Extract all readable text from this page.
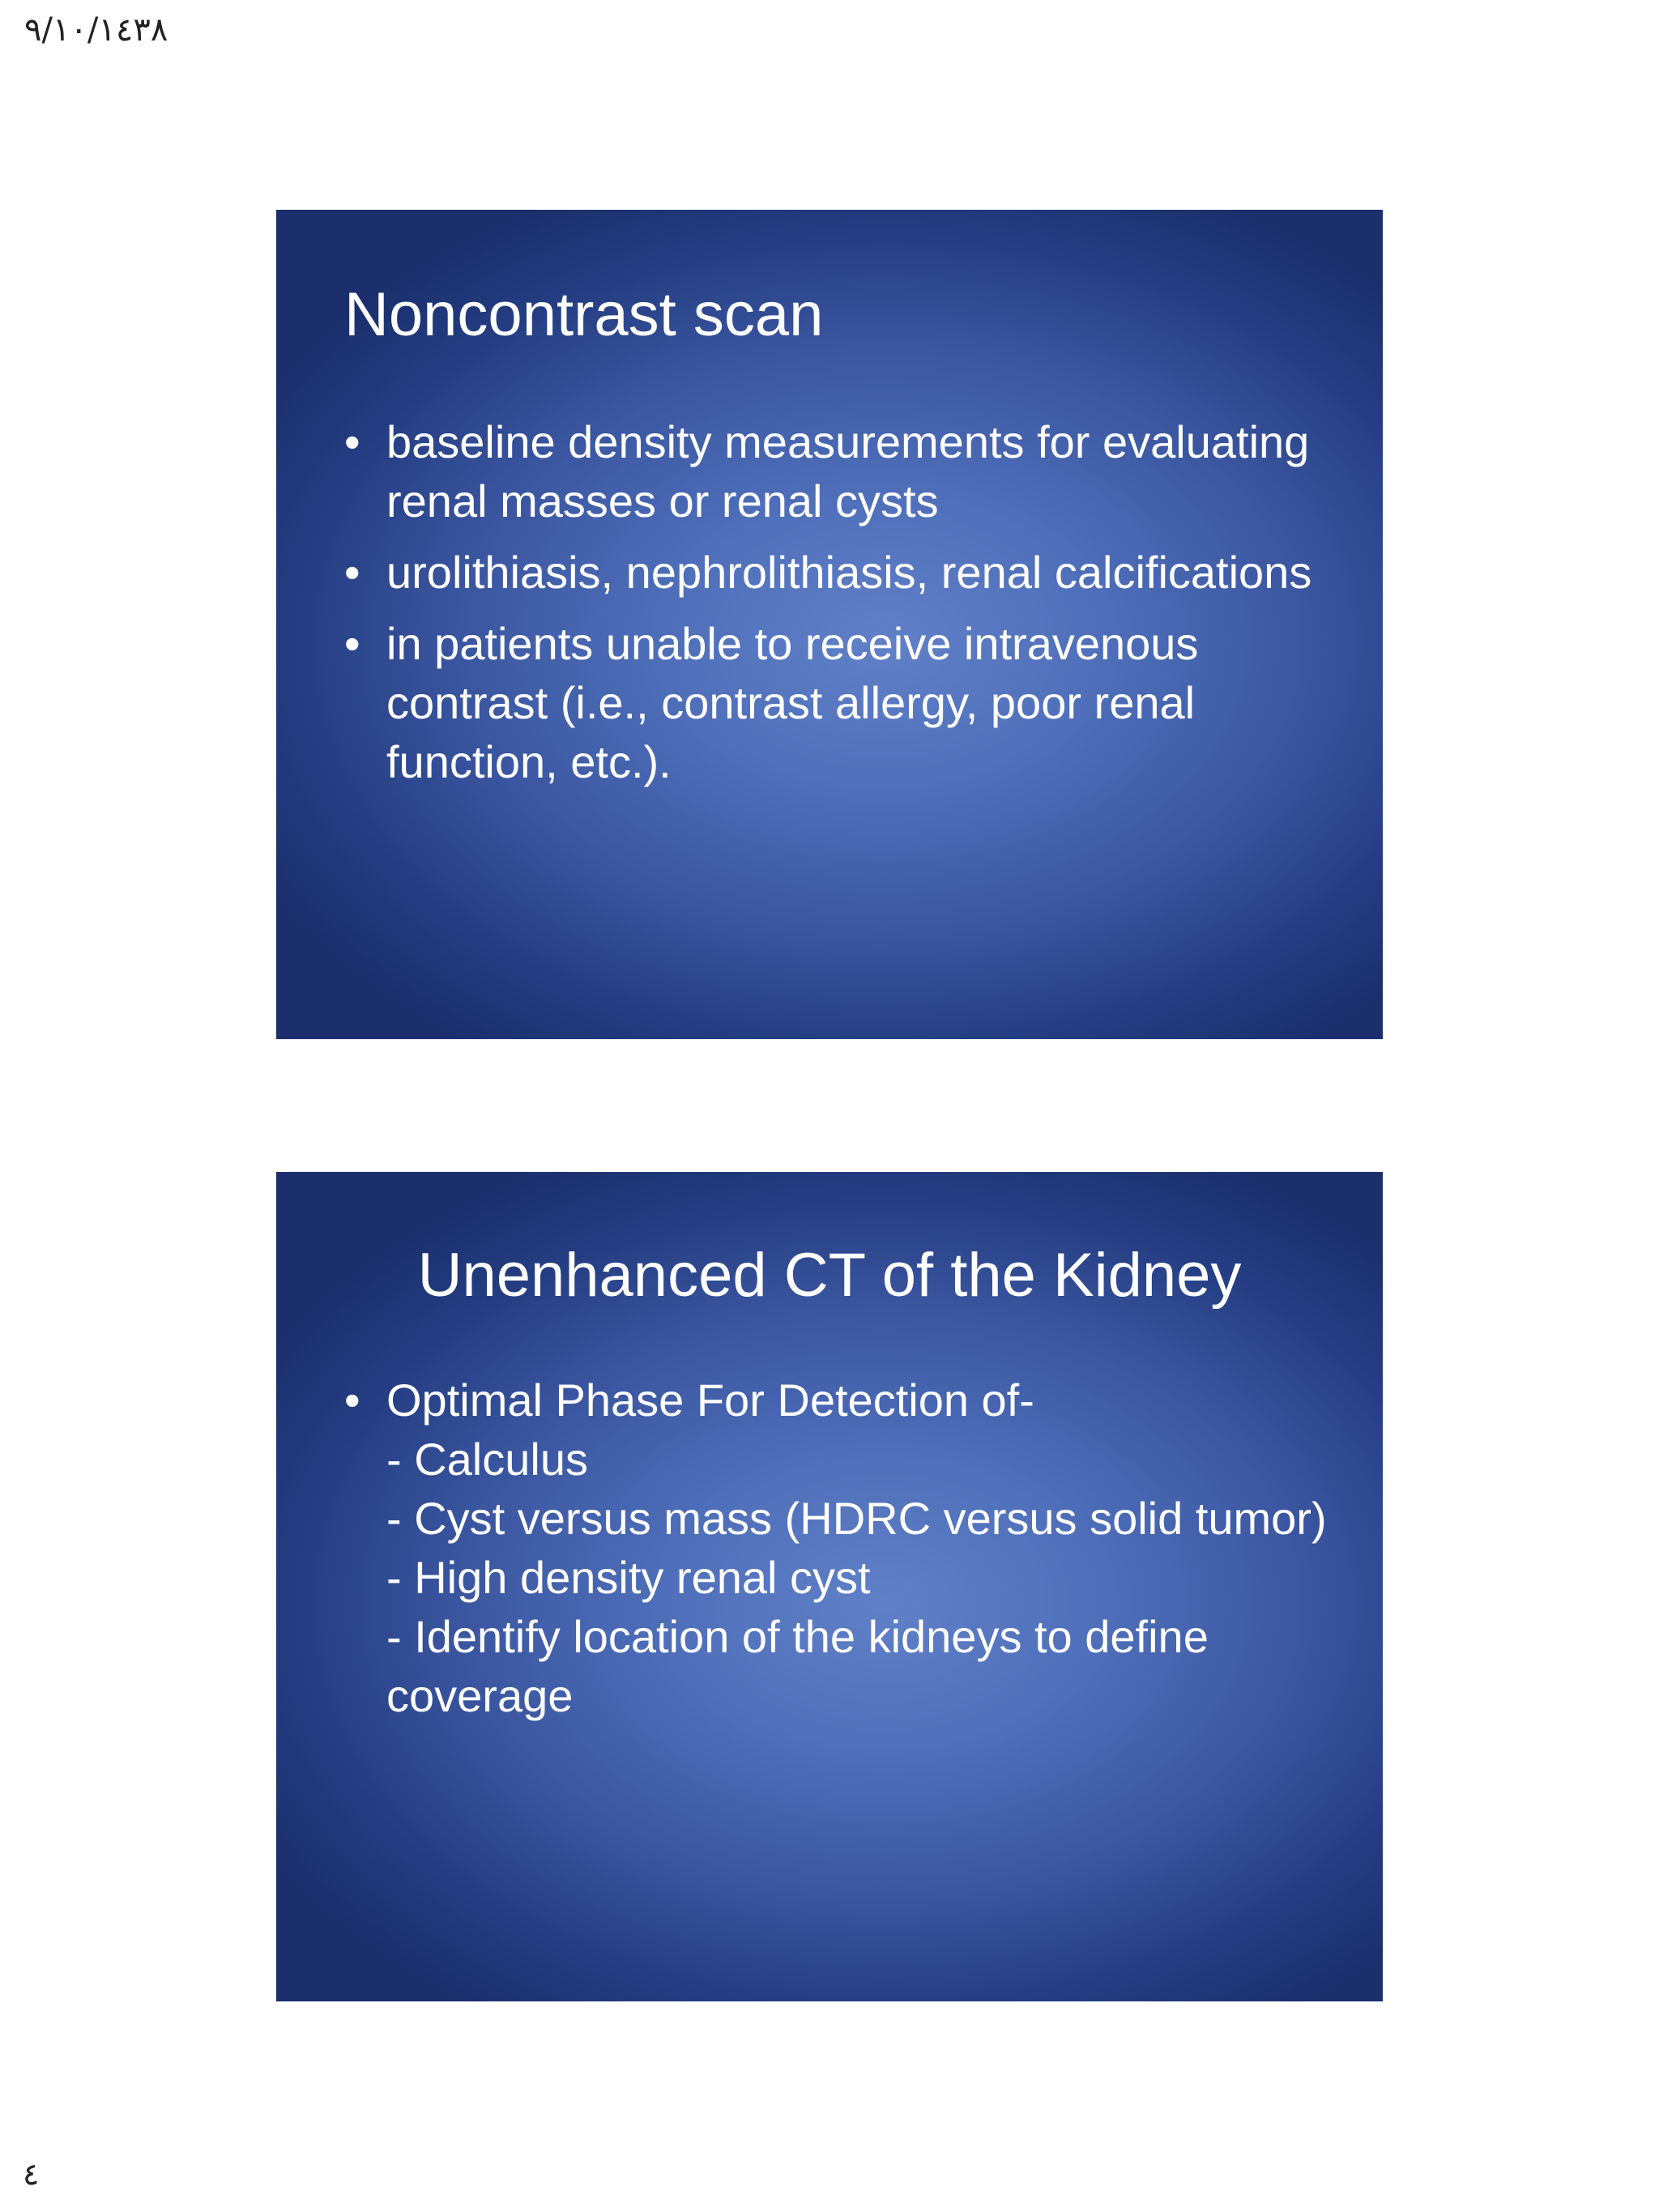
٩/١٠/١٤٣٨
Noncontrast scan
• baseline density measurements for evaluating renal masses or renal cysts
• urolithiasis, nephrolithiasis, renal calcifications
• in patients unable to receive intravenous contrast (i.e., contrast allergy, poor renal function, etc.).
Unenhanced CT of the Kidney
• Optimal Phase For Detection of-
- Calculus
- Cyst versus mass (HDRC versus solid tumor)
- High density renal cyst
- Identify location of the kidneys to define coverage
٤
